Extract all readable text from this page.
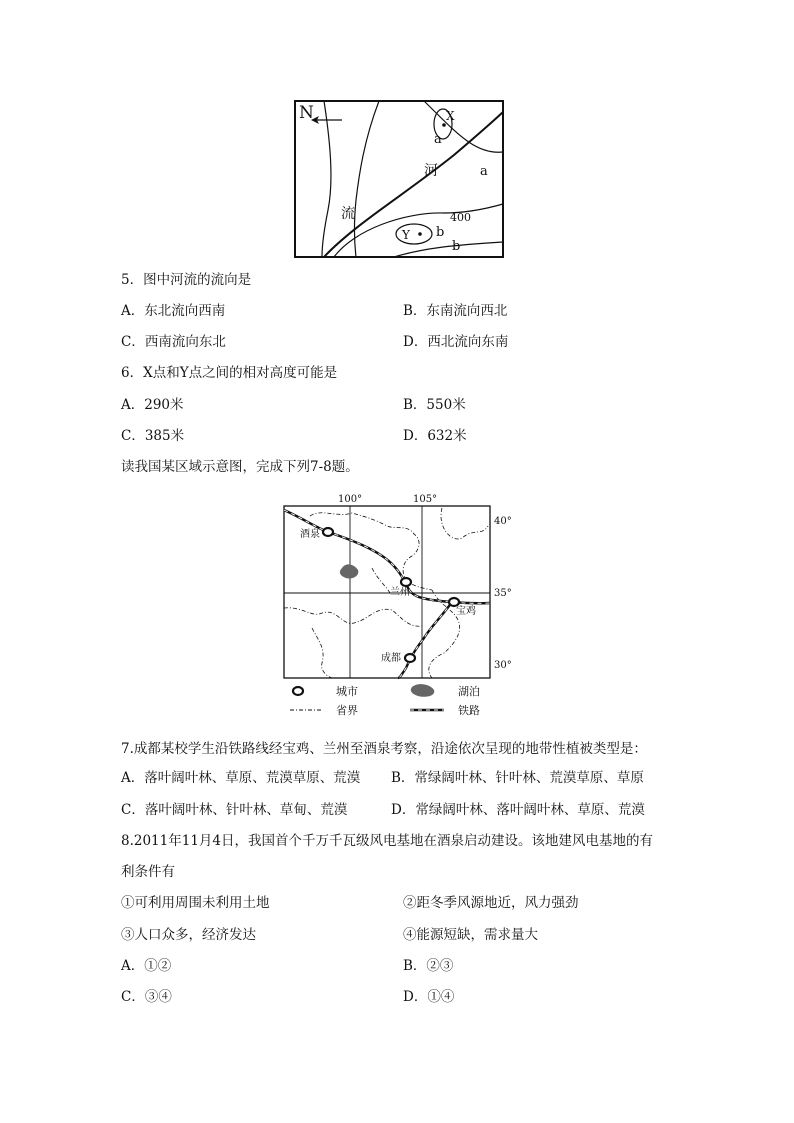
N	X
a
a
400
Y b
b
河
流
5．图中河流的流向是
A．东北流向西南	B．东南流向西北
C．西南流向东北	D．西北流向东南
6．X点和Y点之间的相对高度可能是
A．290米	B．550米
C．385米	D．632米
读我国某区域示意图，完成下列7-8题。
100°	105°
40°
35°
30°
酒泉
兰州
宝鸡
成都
城市	湖泊
省界	铁路
7.成都某校学生沿铁路线经宝鸡、兰州至酒泉考察，沿途依次呈现的地带性植被类型是：
A．落叶阔叶林、草原、荒漠草原、荒漠 B．常绿阔叶林、针叶林、荒漠草原、草原
C．落叶阔叶林、针叶林、草甸、荒漠	D．常绿阔叶林、落叶阔叶林、草原、荒漠
8.2011年11月4日，我国首个千万千瓦级风电基地在酒泉启动建设。该地建风电基地的有
利条件有
①可利用周围未利用土地	②距冬季风源地近，风力强劲
③人口众多，经济发达	④能源短缺，需求量大
A．①②	B．②③
C．③④	D．①④
